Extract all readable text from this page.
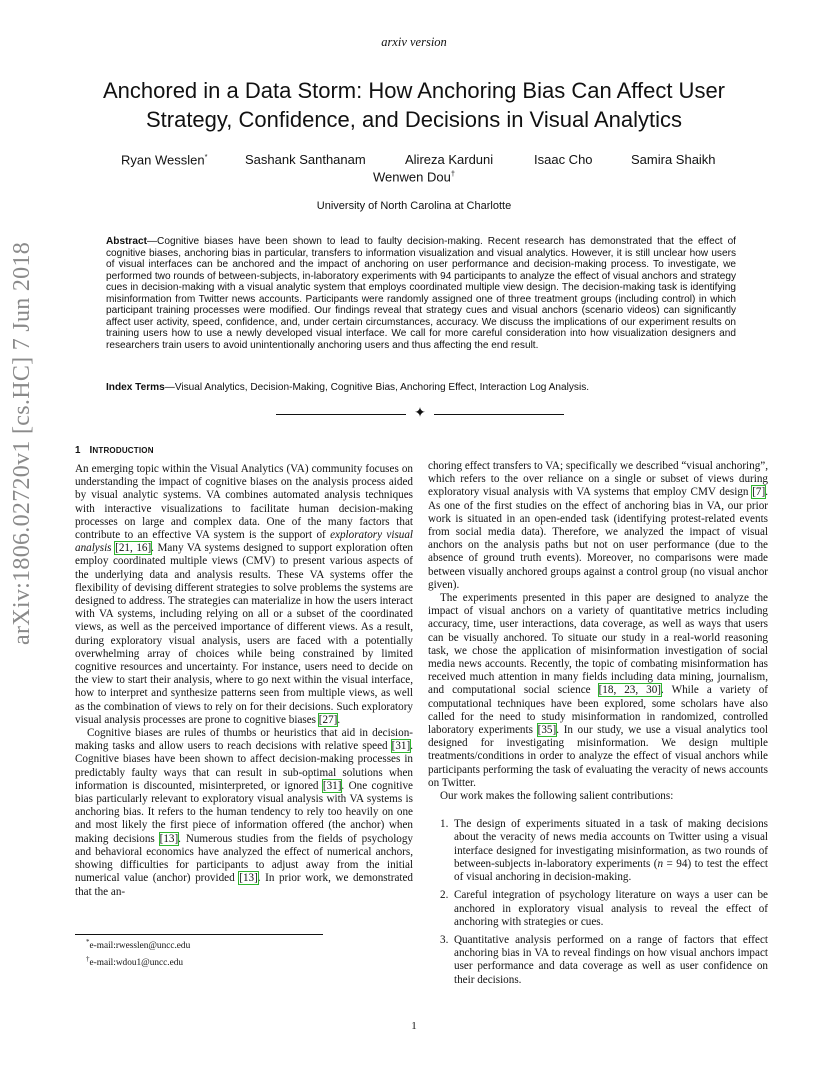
arxiv version
Anchored in a Data Storm: How Anchoring Bias Can Affect User Strategy, Confidence, and Decisions in Visual Analytics
Ryan Wesslen*	Sashank Santhanam	Alireza Karduni	Isaac Cho	Samira Shaikh
Wenwen Dou†
University of North Carolina at Charlotte
Abstract—Cognitive biases have been shown to lead to faulty decision-making. Recent research has demonstrated that the effect of cognitive biases, anchoring bias in particular, transfers to information visualization and visual analytics. However, it is still unclear how users of visual interfaces can be anchored and the impact of anchoring on user performance and decision-making process. To investigate, we performed two rounds of between-subjects, in-laboratory experiments with 94 participants to analyze the effect of visual anchors and strategy cues in decision-making with a visual analytic system that employs coordinated multiple view design. The decision-making task is identifying misinformation from Twitter news accounts. Participants were randomly assigned one of three treatment groups (including control) in which participant training processes were modified. Our findings reveal that strategy cues and visual anchors (scenario videos) can significantly affect user activity, speed, confidence, and, under certain circumstances, accuracy. We discuss the implications of our experiment results on training users how to use a newly developed visual interface. We call for more careful consideration into how visualization designers and researchers train users to avoid unintentionally anchoring users and thus affecting the end result.
Index Terms—Visual Analytics, Decision-Making, Cognitive Bias, Anchoring Effect, Interaction Log Analysis.
✦
arXiv:1806.02720v1 [cs.HC] 7 Jun 2018	1 INTRODUCTION

An emerging topic within the Visual Analytics (VA) community focuses on understanding the impact of cognitive biases on the analysis process aided by visual analytic systems. VA combines automated analysis techniques with interactive visualizations to facilitate human decision-making processes on large and complex data. One of the many factors that contribute to an effective VA system is the support of exploratory visual analysis [21, 16]. Many VA systems designed to support exploration often employ coordinated multiple views (CMV) to present various aspects of the underlying data and analysis results. These VA systems offer the flexibility of devising different strategies to solve problems the systems are designed to address. The strategies can materialize in how the users interact with VA systems, including relying on all or a subset of the coordinated views, as well as the perceived importance of different views. As a result, during exploratory visual analysis, users are faced with a potentially overwhelming array of choices while being constrained by limited cognitive resources and uncertainty. For instance, users need to decide on the view to start their analysis, where to go next within the visual interface, how to interpret and synthesize patterns seen from multiple views, as well as the combination of views to rely on for their decisions. Such exploratory visual analysis processes are prone to cognitive biases [27].

Cognitive biases are rules of thumbs or heuristics that aid in decision-making tasks and allow users to reach decisions with relative speed [31]. Cognitive biases have been shown to affect decision-making processes in predictably faulty ways that can result in sub-optimal solutions when information is discounted, misinterpreted, or ignored [31]. One cognitive bias particularly relevant to exploratory visual analysis with VA systems is anchoring bias. It refers to the human tendency to rely too heavily on one and most likely the first piece of information offered (the anchor) when making decisions [13]. Numerous studies from the fields of psychology and behavioral economics have analyzed the effect of numerical anchors, showing difficulties for participants to adjust away from the initial numerical value (anchor) provided [13]. In prior work, we demonstrated that the an-

choring effect transfers to VA; specifically we described “visual anchoring”, which refers to the over reliance on a single or subset of views during exploratory visual analysis with VA systems that employ CMV design [7]. As one of the first studies on the effect of anchoring bias in VA, our prior work is situated in an open-ended task (identifying protest-related events from social media data). Therefore, we analyzed the impact of visual anchors on the analysis paths but not on user performance (due to the absence of ground truth events). Moreover, no comparisons were made between visually anchored groups against a control group (no visual anchor given).

The experiments presented in this paper are designed to analyze the impact of visual anchors on a variety of quantitative metrics including accuracy, time, user interactions, data coverage, as well as ways that users can be visually anchored. To situate our study in a real-world reasoning task, we chose the application of misinformation investigation of social media news accounts. Recently, the topic of combating misinformation has received much attention in many fields including data mining, journalism, and computational social science [18, 23, 30]. While a variety of computational techniques have been explored, some scholars have also called for the need to study misinformation in randomized, controlled laboratory experiments [35]. In our study, we use a visual analytics tool designed for investigating misinformation. We design multiple treatments/conditions in order to analyze the effect of visual anchors while participants performing the task of evaluating the veracity of news accounts on Twitter.

Our work makes the following salient contributions:

1. The design of experiments situated in a task of making decisions about the veracity of news media accounts on Twitter using a visual interface designed for investigating misinformation, as two rounds of between-subjects in-laboratory experiments (n = 94) to test the effect of visual anchoring in decision-making.
2. Careful integration of psychology literature on ways a user can be anchored in exploratory visual analysis to reveal the effect of anchoring with strategies or cues.
3. Quantitative analysis performed on a range of factors that effect anchoring bias in VA to reveal findings on how visual anchors impact user performance and data coverage as well as user confidence on their decisions.
*e-mail:rwesslen@uncc.edu
†e-mail:wdou1@uncc.edu
1
